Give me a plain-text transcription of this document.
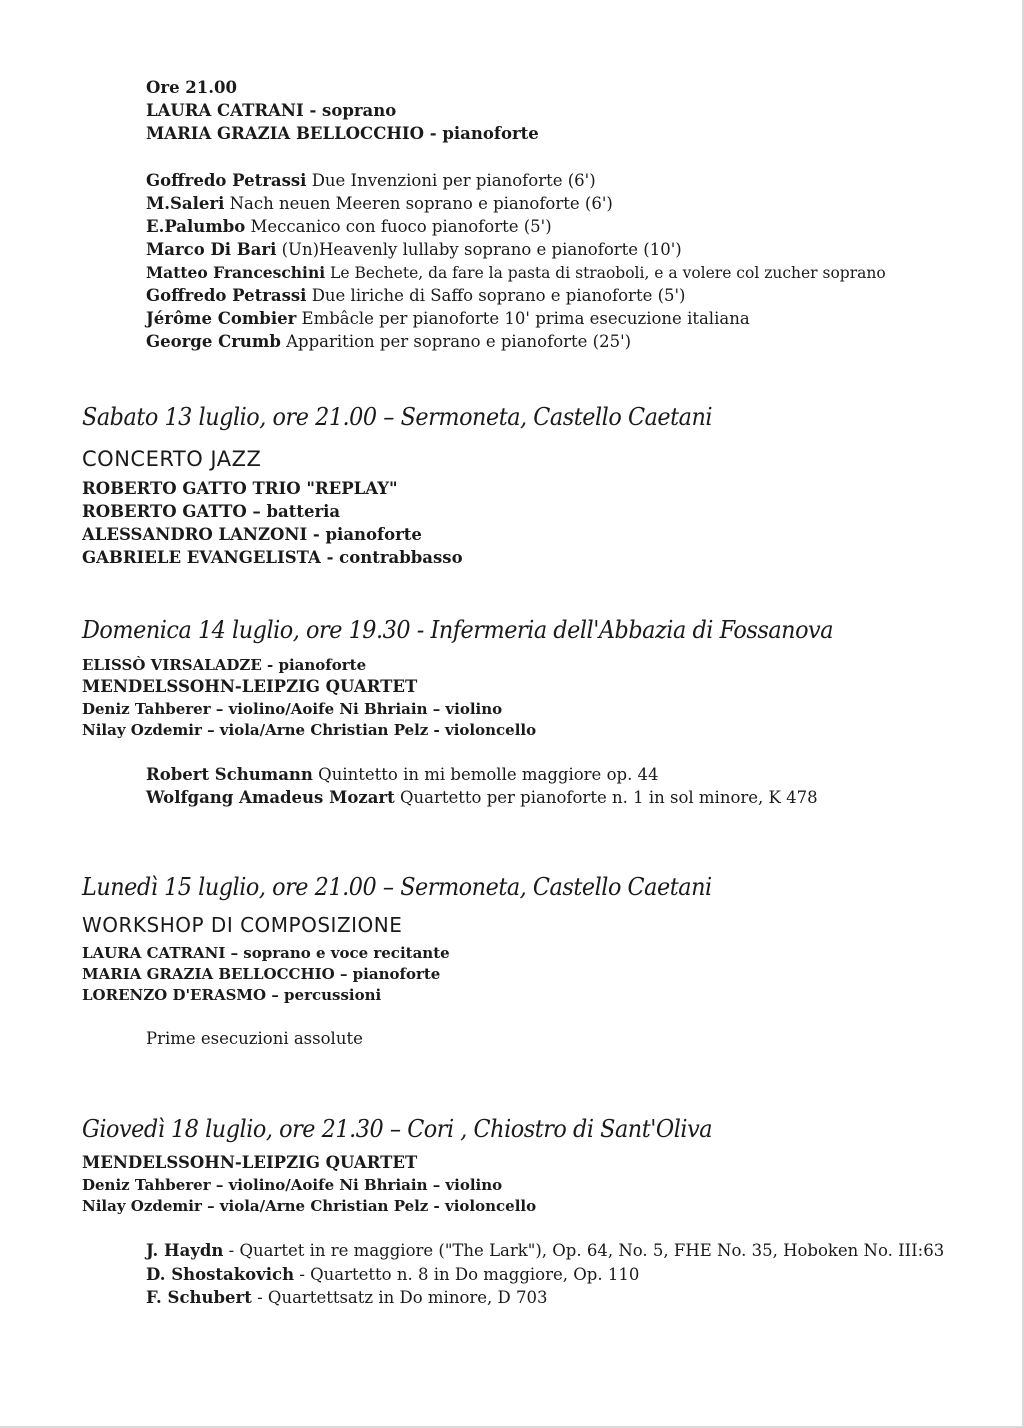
Ore 21.00
LAURA CATRANI - soprano
MARIA GRAZIA BELLOCCHIO - pianoforte
Goffredo Petrassi Due Invenzioni per pianoforte (6')
M.Saleri Nach neuen Meeren soprano e pianoforte (6')
E.Palumbo Meccanico con fuoco pianoforte (5')
Marco Di Bari (Un)Heavenly lullaby soprano e pianoforte (10')
Matteo Franceschini Le Bechete, da fare la pasta di straoboli, e a volere col zucher soprano
Goffredo Petrassi Due liriche di Saffo soprano e pianoforte (5')
Jérôme Combier Embâcle per pianoforte 10' prima esecuzione italiana
George Crumb Apparition per soprano e pianoforte (25')
Sabato 13 luglio, ore 21.00 – Sermoneta, Castello Caetani
CONCERTO JAZZ
ROBERTO GATTO TRIO "REPLAY"
ROBERTO GATTO – batteria
ALESSANDRO LANZONI - pianoforte
GABRIELE EVANGELISTA - contrabbasso
Domenica 14 luglio, ore 19.30 - Infermeria dell'Abbazia di Fossanova
ELISSÒ VIRSALADZE - pianoforte
MENDELSSOHN-LEIPZIG QUARTET
Deniz Tahberer – violino/Aoife Ni Bhriain – violino
Nilay Ozdemir – viola/Arne Christian Pelz - violoncello
Robert Schumann Quintetto in mi bemolle maggiore op. 44
Wolfgang Amadeus Mozart Quartetto per pianoforte n. 1 in sol minore, K 478
Lunedì 15 luglio, ore 21.00 – Sermoneta, Castello Caetani
WORKSHOP DI COMPOSIZIONE
LAURA CATRANI – soprano e voce recitante
MARIA GRAZIA BELLOCCHIO – pianoforte
LORENZO D'ERASMO – percussioni
Prime esecuzioni assolute
Giovedì 18 luglio, ore 21.30 – Cori , Chiostro di Sant'Oliva
MENDELSSOHN-LEIPZIG QUARTET
Deniz Tahberer – violino/Aoife Ni Bhriain – violino
Nilay Ozdemir – viola/Arne Christian Pelz - violoncello
J. Haydn - Quartet in re maggiore ("The Lark"), Op. 64, No. 5, FHE No. 35, Hoboken No. III:63
D. Shostakovich - Quartetto n. 8 in Do maggiore, Op. 110
F. Schubert - Quartettsatz in Do minore, D 703
